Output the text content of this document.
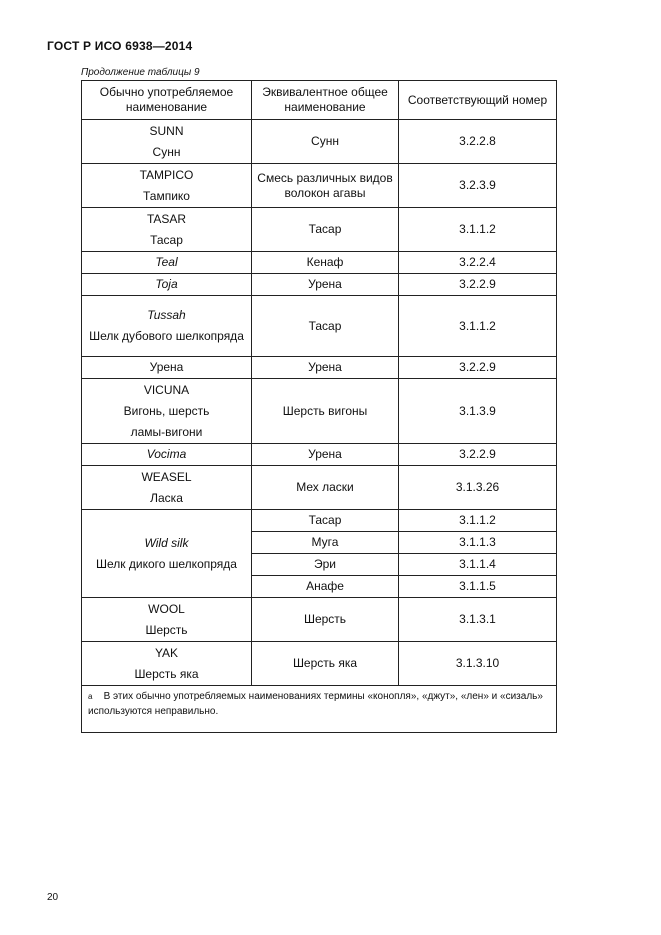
ГОСТ Р ИСО 6938—2014
Продолжение таблицы 9
Обычно употребляемое наименование	Эквивалентное общее наименование	Соответствующий номер

SUNN
Сунн	Сунн	3.2.2.8

TAMPICO
Тампико	Смесь различных видов волокон агавы	3.2.3.9

TASAR
Тасар	Тасар	3.1.1.2
Teal	Кенаф	3.2.2.4
Toja	Урена	3.2.2.9

Tussah
Шелк дубового шелкопряда	Тасар	3.1.1.2
Урена	Урена	3.2.2.9

VICUNA
Вигонь, шерсть
ламы-вигони	Шерсть вигоны	3.1.3.9
Vocima	Урена	3.2.2.9

WEASEL
Ласка	Мех ласки	3.1.3.26

Wild silk
Шелк дикого шелкопряда	Тасар	3.1.1.2
	Муга	3.1.1.3
	Эри	3.1.1.4
	Анафе	3.1.1.5

WOOL
Шерсть	Шерсть	3.1.3.1

YAK
Шерсть яка	Шерсть яка	3.1.3.10
$^а$ В этих обычно употребляемых наименованиях термины «конопля», «джут», «лен» и «сизаль» используются неправильно.		
20
